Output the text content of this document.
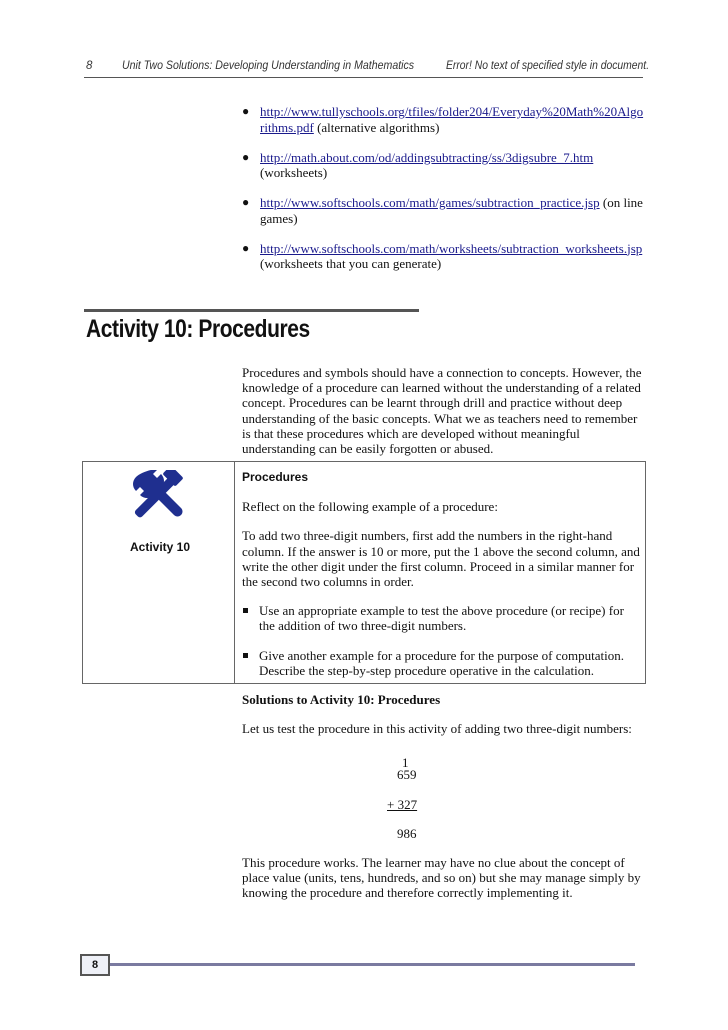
8	Unit Two Solutions: Developing Understanding in Mathematics	Error! No text of specified style in document.
● http://www.tullyschools.org/tfiles/folder204/Everyday%20Math%20Algorithms.pdf (alternative algorithms)
● http://math.about.com/od/addingsubtracting/ss/3digsubre_7.htm
(worksheets)
● http://www.softschools.com/math/games/subtraction_practice.jsp (on line games)
● http://www.softschools.com/math/worksheets/subtraction_worksheets.jsp (worksheets that you can generate)
Activity 10: Procedures
Procedures and symbols should have a connection to concepts. However, the knowledge of a procedure can learned without the understanding of a related concept. Procedures can be learnt through drill and practice without deep understanding of the basic concepts. What we as teachers need to remember is that these procedures which are developed without meaningful understanding can be easily forgotten or abused.
Activity 10
Procedures

Reflect on the following example of a procedure:

To add two three-digit numbers, first add the numbers in the right-hand column. If the answer is 10 or more, put the 1 above the second column, and write the other digit under the first column. Proceed in a similar manner for the second two columns in order.

Use an appropriate example to test the above procedure (or recipe) for the addition of two three-digit numbers.
Give another example for a procedure for the purpose of computation. Describe the step-by-step procedure operative in the calculation.
Solutions to Activity 10: Procedures

Let us test the procedure in this activity of adding two three-digit numbers:

1
659
+ 327
986
This procedure works. The learner may have no clue about the concept of place value (units, tens, hundreds, and so on) but she may manage simply by knowing the procedure and therefore correctly implementing it.
8
